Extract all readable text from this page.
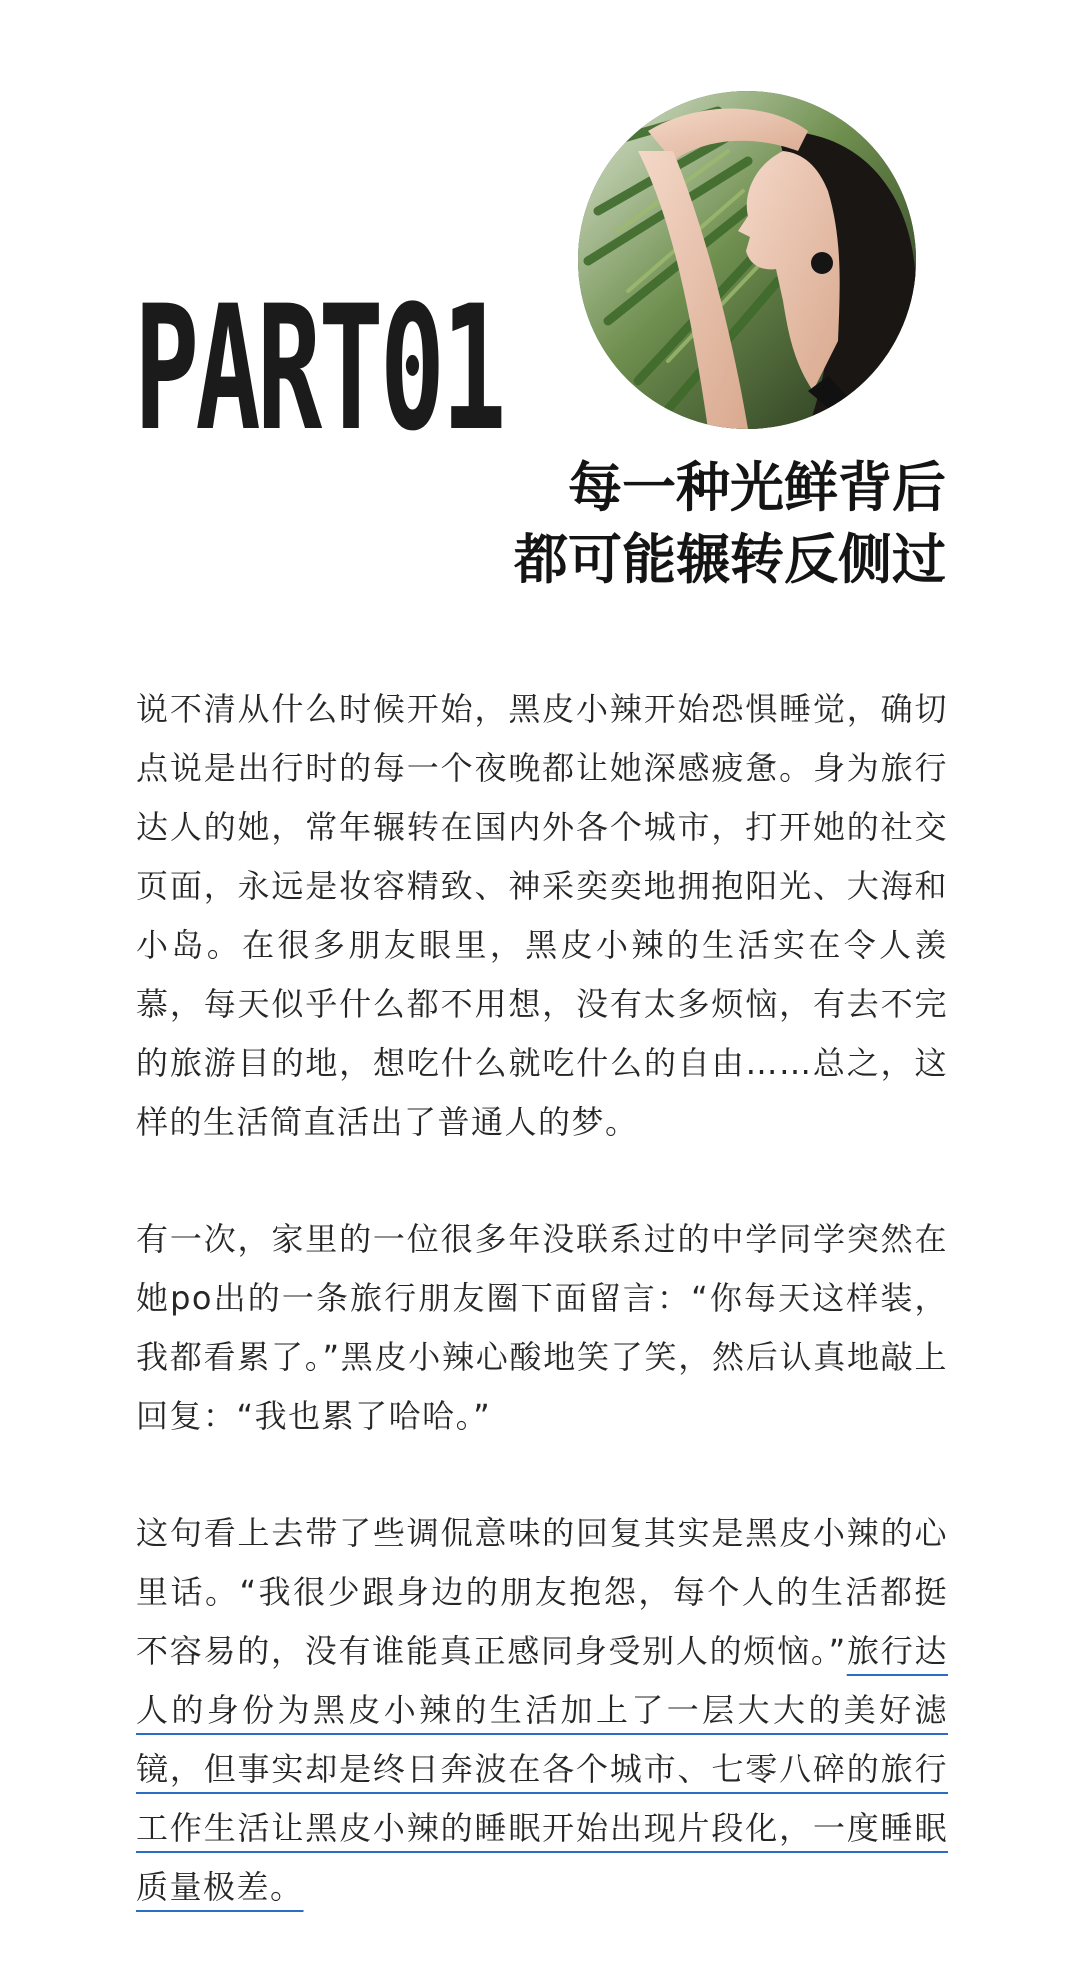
PART01
每一种光鲜背后
都可能辗转反侧过

说不清从什么时候开始，黑皮小辣开始恐惧睡觉，确切点说是出行时的每一个夜晚都让她深感疲惫。身为旅行达人的她，常年辗转在国内外各个城市，打开她的社交页面，永远是妆容精致、神采奕奕地拥抱阳光、大海和小岛。在很多朋友眼里，黑皮小辣的生活实在令人羡慕，每天似乎什么都不用想，没有太多烦恼，有去不完的旅游目的地，想吃什么就吃什么的自由……总之，这样的生活简直活出了普通人的梦。

有一次，家里的一位很多年没联系过的中学同学突然在她po出的一条旅行朋友圈下面留言：“你每天这样装，我都看累了。”黑皮小辣心酸地笑了笑，然后认真地敲上回复：“我也累了哈哈。”

这句看上去带了些调侃意味的回复其实是黑皮小辣的心里话。“我很少跟身边的朋友抱怨，每个人的生活都挺不容易的，没有谁能真正感同身受别人的烦恼。”旅行达人的身份为黑皮小辣的生活加上了一层大大的美好滤镜，但事实却是终日奔波在各个城市、七零八碎的旅行工作生活让黑皮小辣的睡眠开始出现片段化，一度睡眠质量极差。
